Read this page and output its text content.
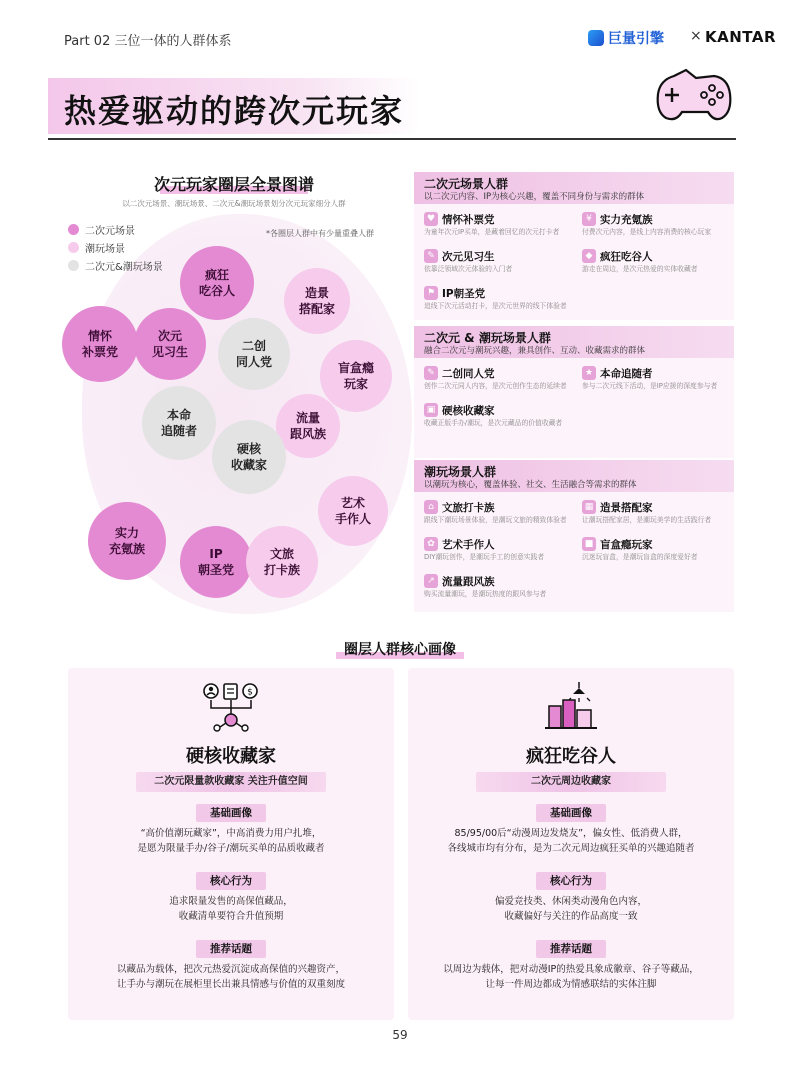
Part 02 三位一体的人群体系	巨量引擎 × KANTAR
热爱驱动的跨次元玩家
次元玩家圈层全景图谱
以二次元场景、潮玩场景、二次元&潮玩场景划分次元玩家细分人群
二次元场景
潮玩场景
二次元&潮玩场景
*各圈层人群中有少量重叠人群
疯狂
吃谷人
情怀
补票党
次元
见习生
实力
充氪族	IP
朝圣党
造景
搭配家
盲盒瘾
玩家
流量
跟风族
艺术
手作人
文旅
打卡族
二创
同人党
本命
追随者
硬核
收藏家
二次元场景人群
以二次元内容、IP为核心兴趣，覆盖不同身份与需求的群体
♥ 情怀补票党
为童年次元IP买单，是藏着回忆的次元打卡者
¥ 实力充氪族
付费次元内容，是线上内容消费的核心玩家
✎ 次元见习生
依靠泛领域次元体验的入门者
◆ 疯狂吃谷人
游走在周边，是次元热爱的实体收藏者
⚑ IP朝圣党
追线下次元活动打卡，是次元世界的线下体验者
二次元 & 潮玩场景人群
融合二次元与潮玩兴趣，兼具创作、互动、收藏需求的群体
✎ 二创同人党
创作二次元同人内容，是次元创作生态的延续者
★ 本命追随者
参与二次元线下活动，是IP应援的深度参与者
▣ 硬核收藏家
收藏正版手办/潮玩，是次元藏品的价值收藏者
潮玩场景人群
以潮玩为核心，覆盖体验、社交、生活融合等需求的群体
⌂ 文旅打卡族
跟线下潮玩场景体验，是潮玩文旅的精致体验者
▦ 造景搭配家
让潮玩搭配家居，是潮玩美学的生活践行者
✿ 艺术手作人
DIY潮玩创作，是潮玩手工的创意实践者
■ 盲盒瘾玩家
沉迷玩盲盒，是潮玩盲盒的深度爱好者
↗ 流量跟风族
购买流量潮玩，是潮玩热度的跟风参与者
圈层人群核心画像
$
硬核收藏家
二次元限量款收藏家 关注升值空间
基础画像
“高价值潮玩藏家”，中高消费力用户扎堆，
是愿为限量手办/谷子/潮玩买单的品质收藏者
核心行为
追求限量发售的高保值藏品，
收藏清单要符合升值预期
推荐话题
以藏品为载体，把次元热爱沉淀成高保值的兴趣资产，
让手办与潮玩在展柜里长出兼具情感与价值的双重刻度
疯狂吃谷人
二次元周边收藏家
基础画像
85/95/00后“动漫周边发烧友”，偏女性、低消费人群，
各线城市均有分布，是为二次元周边疯狂买单的兴趣追随者
核心行为
偏爱竞技类、休闲类动漫角色内容，
收藏偏好与关注的作品高度一致
推荐话题
以周边为载体，把对动漫IP的热爱具象成徽章、谷子等藏品，
让每一件周边都成为情感联结的实体注脚
59
